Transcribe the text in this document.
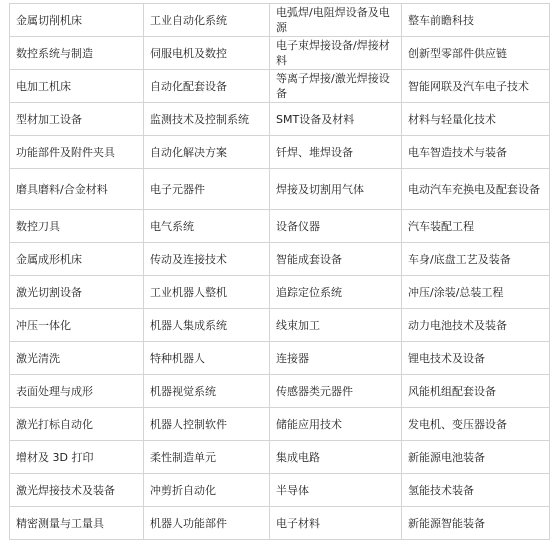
金属切削机床	工业自动化系统	电弧焊/电阻焊设备及电源	整车前瞻科技
数控系统与制造	伺服电机及数控	电子束焊接设备/焊接材料	创新型零部件供应链
电加工机床	自动化配套设备	等离子焊接/激光焊接设备	智能网联及汽车电子技术
型材加工设备	监测技术及控制系统	SMT设备及材料	材料与轻量化技术
功能部件及附件夹具	自动化解决方案	钎焊、堆焊设备	电车智造技术与装备
磨具磨料/合金材料	电子元器件	焊接及切割用气体	电动汽车充换电及配套设备
数控刀具	电气系统	设备仪器	汽车装配工程
金属成形机床	传动及连接技术	智能成套设备	车身/底盘工艺及装备
激光切割设备	工业机器人整机	追踪定位系统	冲压/涂装/总装工程
冲压一体化	机器人集成系统	线束加工	动力电池技术及装备
激光清洗	特种机器人	连接器	锂电技术及设备
表面处理与成形	机器视觉系统	传感器类元器件	风能机组配套设备
激光打标自动化	机器人控制软件	储能应用技术	发电机、变压器设备
增材及 3D 打印	柔性制造单元	集成电路	新能源电池装备
激光焊接技术及装备	冲剪折自动化	半导体	氢能技术装备
精密测量与工量具	机器人功能部件	电子材料	新能源智能装备
